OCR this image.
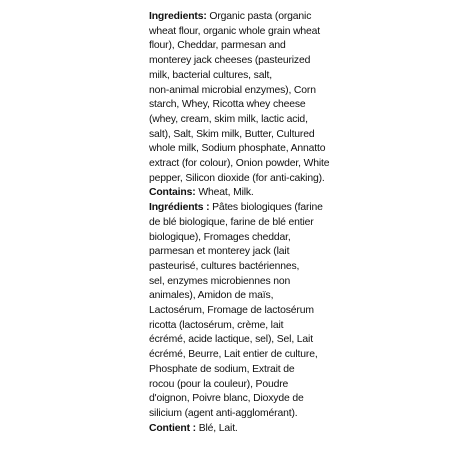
Ingredients: Organic pasta (organic
wheat flour, organic whole grain wheat
flour), Cheddar, parmesan and
monterey jack cheeses (pasteurized
milk, bacterial cultures, salt,
non-animal microbial enzymes), Corn
starch, Whey, Ricotta whey cheese
(whey, cream, skim milk, lactic acid,
salt), Salt, Skim milk, Butter, Cultured
whole milk, Sodium phosphate, Annatto
extract (for colour), Onion powder, White
pepper, Silicon dioxide (for anti-caking).
Contains: Wheat, Milk.
Ingrédients : Pâtes biologiques (farine
de blé biologique, farine de blé entier
biologique), Fromages cheddar,
parmesan et monterey jack (lait
pasteurisé, cultures bactériennes,
sel, enzymes microbiennes non
animales), Amidon de maïs,
Lactosérum, Fromage de lactosérum
ricotta (lactosérum, crème, lait
écrémé, acide lactique, sel), Sel, Lait
écrémé, Beurre, Lait entier de culture,
Phosphate de sodium, Extrait de
rocou (pour la couleur), Poudre
d'oignon, Poivre blanc, Dioxyde de
silicium (agent anti-agglomérant).
Contient : Blé, Lait.
